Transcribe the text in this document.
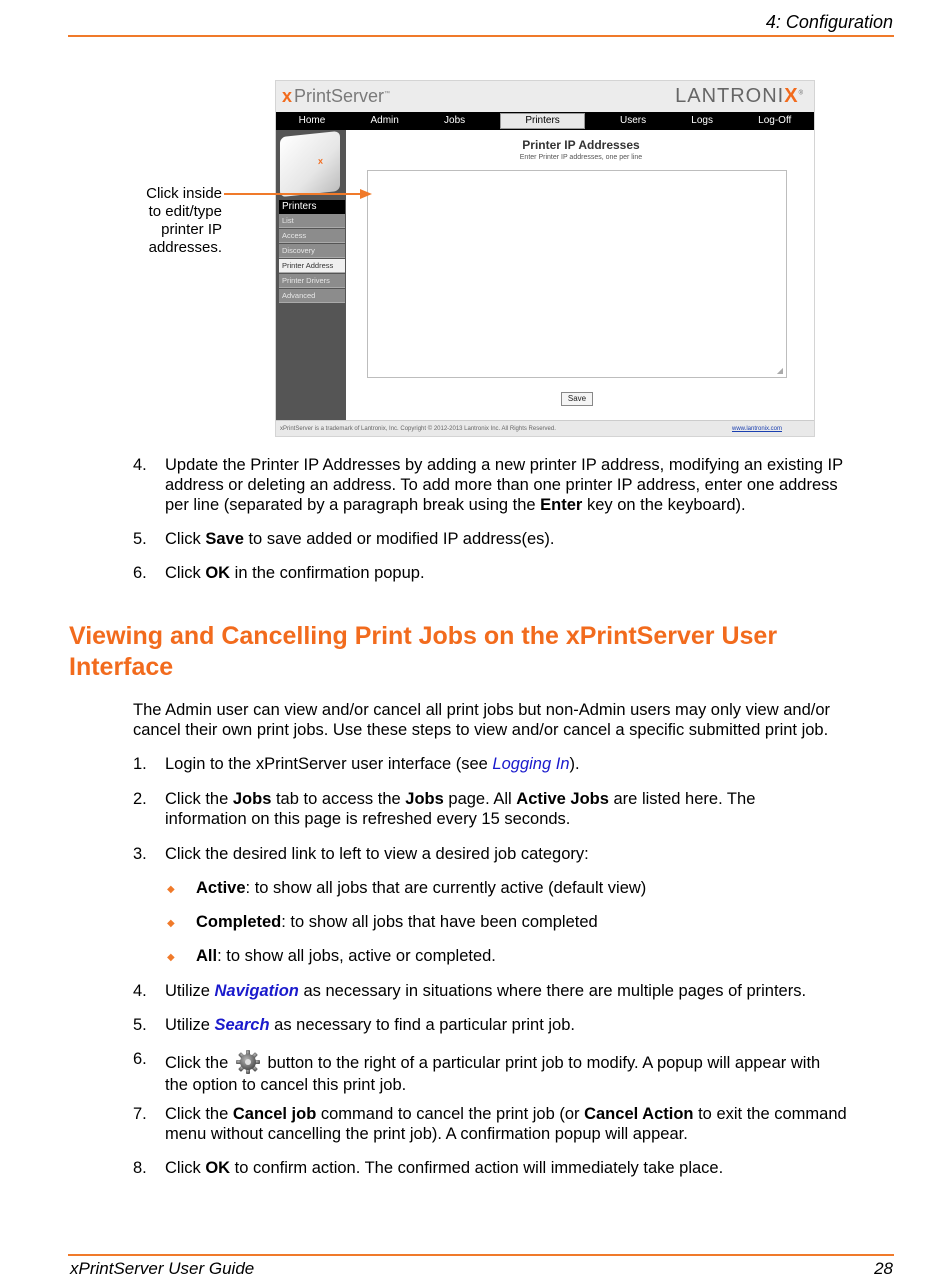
4: Configuration
x PrintServer™	LANTRONIX®
Home	Admin	Jobs	Printers	Users	Logs	Log-Off
x
Printers
List
Access
Discovery
Printer Address
Printer Drivers
Advanced
Printer IP Addresses
Enter Printer IP addresses, one per line
◢
Save
xPrintServer is a trademark of Lantronix, Inc. Copyright © 2012-2013 Lantronix Inc. All Rights Reserved.	www.lantronix.com
Click inside
to edit/type
printer IP
addresses.
4. Update the Printer IP Addresses by adding a new printer IP address, modifying an existing IP
address or deleting an address. To add more than one printer IP address, enter one address
per line (separated by a paragraph break using the Enter key on the keyboard).
5. Click Save to save added or modified IP address(es).
6. Click OK in the confirmation popup.
Viewing and Cancelling Print Jobs on the xPrintServer User
Interface
The Admin user can view and/or cancel all print jobs but non-Admin users may only view and/or
cancel their own print jobs. Use these steps to view and/or cancel a specific submitted print job.
1. Login to the xPrintServer user interface (see Logging In).
2. Click the Jobs tab to access the Jobs page. All Active Jobs are listed here. The
information on this page is refreshed every 15 seconds.
3. Click the desired link to left to view a desired job category:
◆ Active: to show all jobs that are currently active (default view)
◆ Completed: to show all jobs that have been completed
◆ All: to show all jobs, active or completed.
4. Utilize Navigation as necessary in situations where there are multiple pages of printers.
5. Utilize Search as necessary to find a particular print job.
6. Click the  button to the right of a particular print job to modify. A popup will appear with
the option to cancel this print job.
7. Click the Cancel job command to cancel the print job (or Cancel Action to exit the command
menu without cancelling the print job). A confirmation popup will appear.
8. Click OK to confirm action. The confirmed action will immediately take place.
xPrintServer User Guide	28
